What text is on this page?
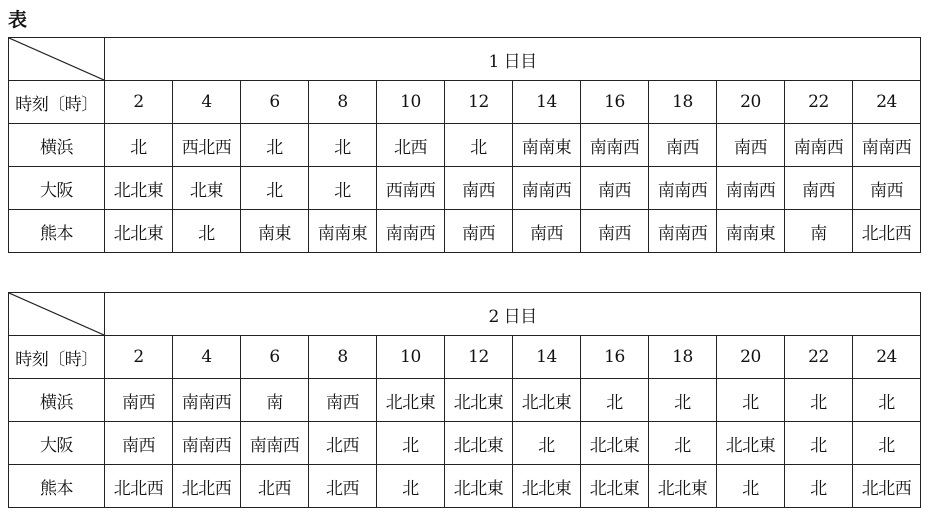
表
	1 日目											
時刻〔時〕	2	4	6	8	10	12	14	16	18	20	22	24
横浜	北	西北西	北	北	北西	北	南南東	南南西	南西	南西	南南西	南南西
大阪	北北東	北東	北	北	西南西	南西	南南西	南西	南南西	南南西	南西	南西
熊本	北北東	北	南東	南南東	南南西	南西	南西	南西	南南西	南南東	南	北北西
	2 日目											
時刻〔時〕	2	4	6	8	10	12	14	16	18	20	22	24
横浜	南西	南南西	南	南西	北北東	北北東	北北東	北	北	北	北	北
大阪	南西	南南西	南南西	北西	北	北北東	北	北北東	北	北北東	北	北
熊本	北北西	北北西	北西	北西	北	北北東	北北東	北北東	北北東	北	北	北北西
